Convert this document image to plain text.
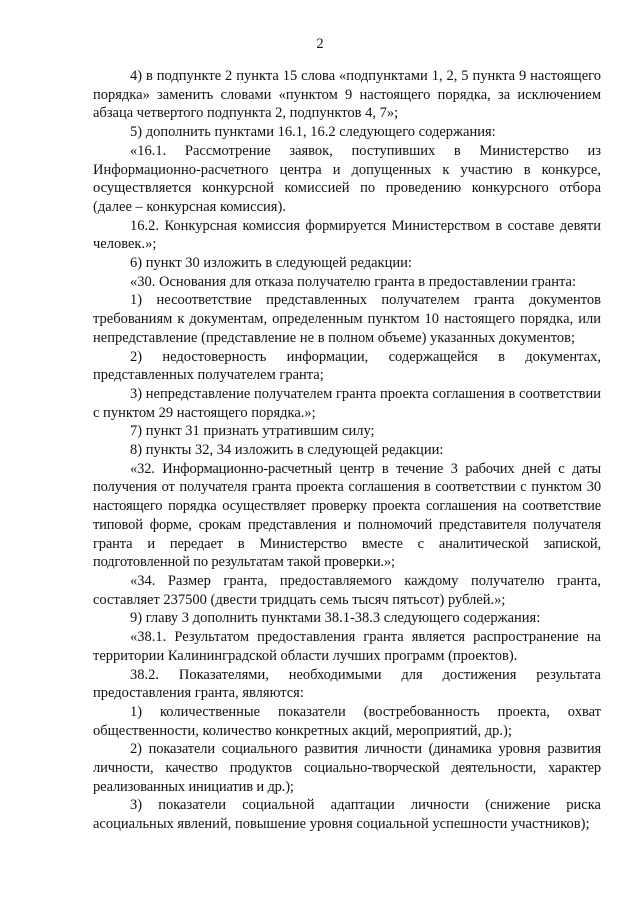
2

4) в подпункте 2 пункта 15 слова «подпунктами 1, 2, 5 пункта 9 настоящего порядка» заменить словами «пунктом 9 настоящего порядка, за исключением абзаца четвертого подпункта 2, подпунктов 4, 7»;

5) дополнить пунктами 16.1, 16.2 следующего содержания:

«16.1. Рассмотрение заявок, поступивших в Министерство из Информационно-расчетного центра и допущенных к участию в конкурсе, осуществляется конкурсной комиссией по проведению конкурсного отбора (далее – конкурсная комиссия).

16.2. Конкурсная комиссия формируется Министерством в составе девяти человек.»;

6) пункт 30 изложить в следующей редакции:

«30. Основания для отказа получателю гранта в предоставлении гранта:

1) несоответствие представленных получателем гранта документов требованиям к документам, определенным пунктом 10 настоящего порядка, или непредставление (представление не в полном объеме) указанных документов;

2) недостоверность информации, содержащейся в документах, представленных получателем гранта;

3) непредставление получателем гранта проекта соглашения в соответствии с пунктом 29 настоящего порядка.»;

7) пункт 31 признать утратившим силу;

8) пункты 32, 34 изложить в следующей редакции:

«32. Информационно-расчетный центр в течение 3 рабочих дней с даты получения от получателя гранта проекта соглашения в соответствии с пунктом 30 настоящего порядка осуществляет проверку проекта соглашения на соответствие типовой форме, срокам представления и полномочий представителя получателя гранта и передает в Министерство вместе с аналитической запиской, подготовленной по результатам такой проверки.»;

«34. Размер гранта, предоставляемого каждому получателю гранта, составляет 237500 (двести тридцать семь тысяч пятьсот) рублей.»;

9) главу 3 дополнить пунктами 38.1-38.3 следующего содержания:

«38.1. Результатом предоставления гранта является распространение на территории Калининградской области лучших программ (проектов).

38.2. Показателями, необходимыми для достижения результата предоставления гранта, являются:

1) количественные показатели (востребованность проекта, охват общественности, количество конкретных акций, мероприятий, др.);

2) показатели социального развития личности (динамика уровня развития личности, качество продуктов социально-творческой деятельности, характер реализованных инициатив и др.);

3) показатели социальной адаптации личности (снижение риска асоциальных явлений, повышение уровня социальной успешности участников);
